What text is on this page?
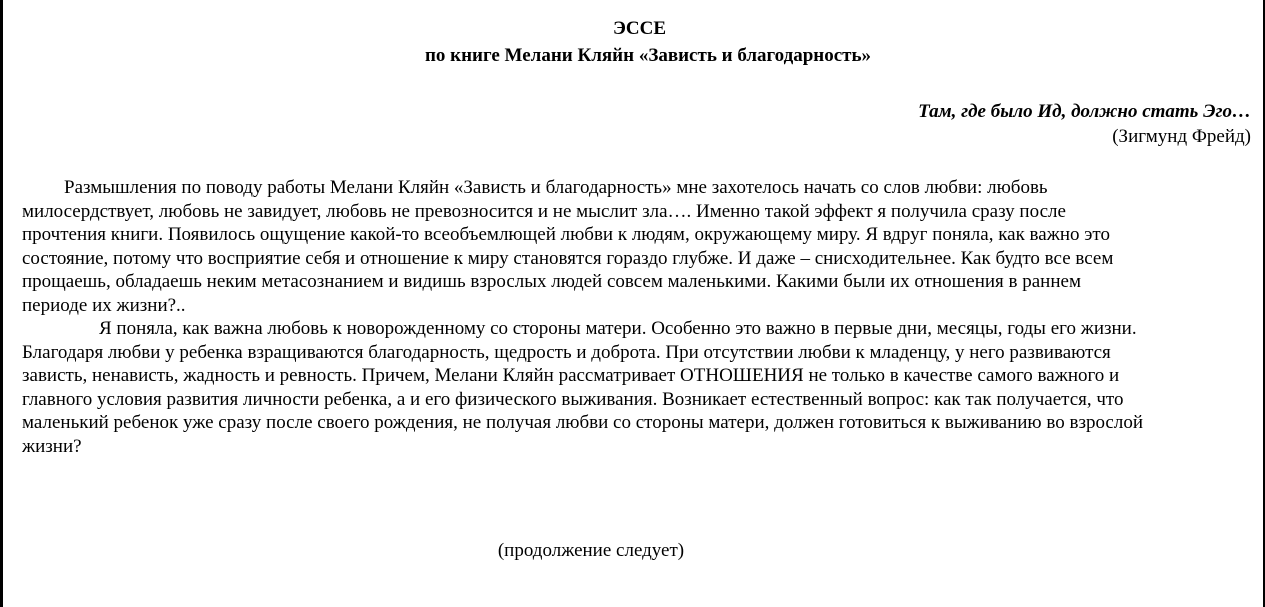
ЭССЕ
по книге Мелани Кляйн «Зависть и благодарность»
Там, где было Ид, должно стать Эго…
(Зигмунд Фрейд)
Размышления по поводу работы Мелани Кляйн «Зависть и благодарность» мне захотелось начать со слов любви: любовь
милосердствует, любовь не завидует, любовь не превозносится и не мыслит зла…. Именно такой эффект я получила сразу после
прочтения книги. Появилось ощущение какой-то всеобъемлющей любви к людям, окружающему миру. Я вдруг поняла, как важно это
состояние, потому что восприятие себя и отношение к миру становятся гораздо глубже. И даже – снисходительнее. Как будто все всем
прощаешь, обладаешь неким метасознанием и видишь взрослых людей совсем маленькими. Какими были их отношения в раннем
периоде их жизни?..
Я поняла, как важна любовь к новорожденному со стороны матери. Особенно это важно в первые дни, месяцы, годы его жизни.
Благодаря любви у ребенка взращиваются благодарность, щедрость и доброта. При отсутствии любви к младенцу, у него развиваются
зависть, ненависть, жадность и ревность. Причем, Мелани Кляйн рассматривает ОТНОШЕНИЯ не только в качестве самого важного и
главного условия развития личности ребенка, а и его физического выживания. Возникает естественный вопрос: как так получается, что
маленький ребенок уже сразу после своего рождения, не получая любви со стороны матери, должен готовиться к выживанию во взрослой
жизни?
(продолжение следует)
